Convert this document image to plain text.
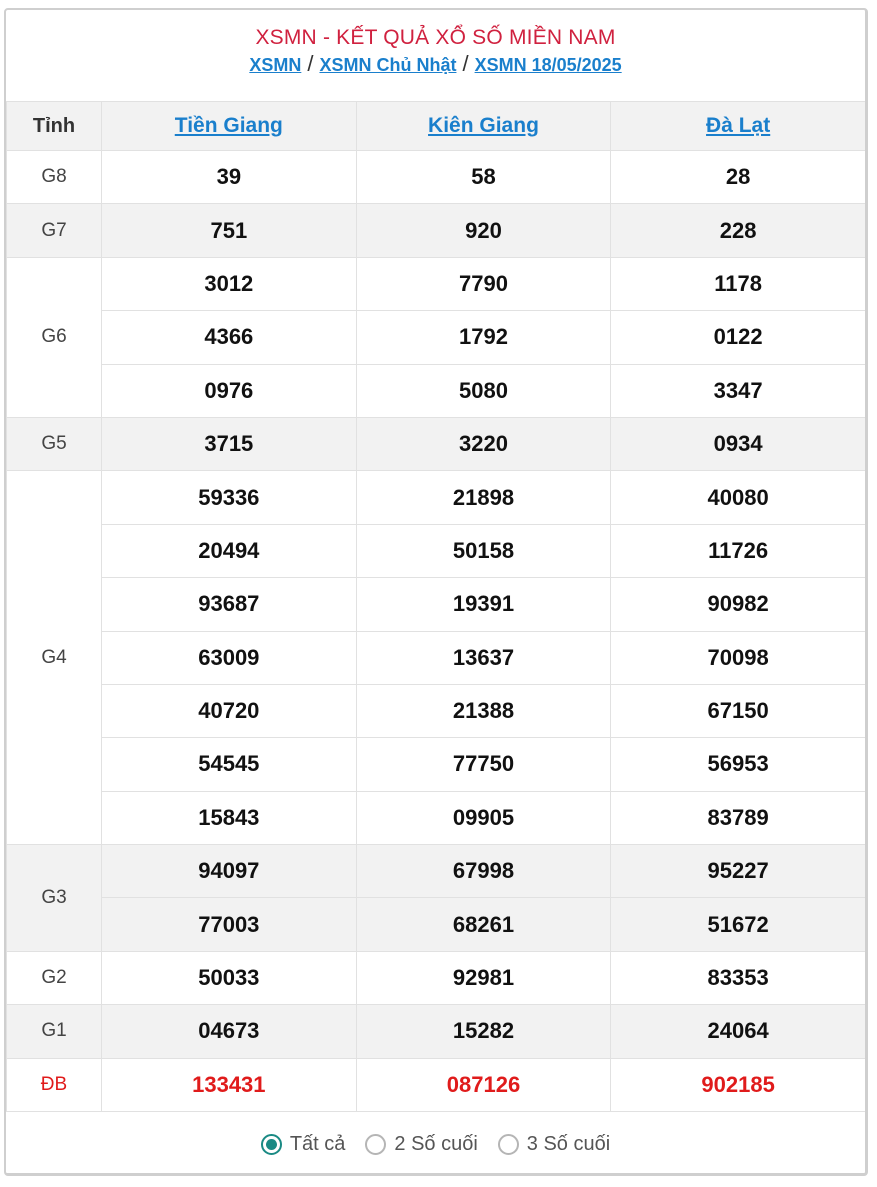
XSMN - KẾT QUẢ XỔ SỐ MIỀN NAM
XSMN / XSMN Chủ Nhật / XSMN 18/05/2025
Tỉnh	Tiền Giang	Kiên Giang	Đà Lạt
G8	39	58	28
G7	751	920	228
G6	3012	7790	1178
	4366	1792	0122
	0976	5080	3347
G5	3715	3220	0934
G4	59336	21898	40080
	20494	50158	11726
	93687	19391	90982
	63009	13637	70098
	40720	21388	67150
	54545	77750	56953
	15843	09905	83789
G3	94097	67998	95227
	77003	68261	51672
G2	50033	92981	83353
G1	04673	15282	24064
ĐB	133431	087126	902185
Tất cả 2 Số cuối 3 Số cuối
